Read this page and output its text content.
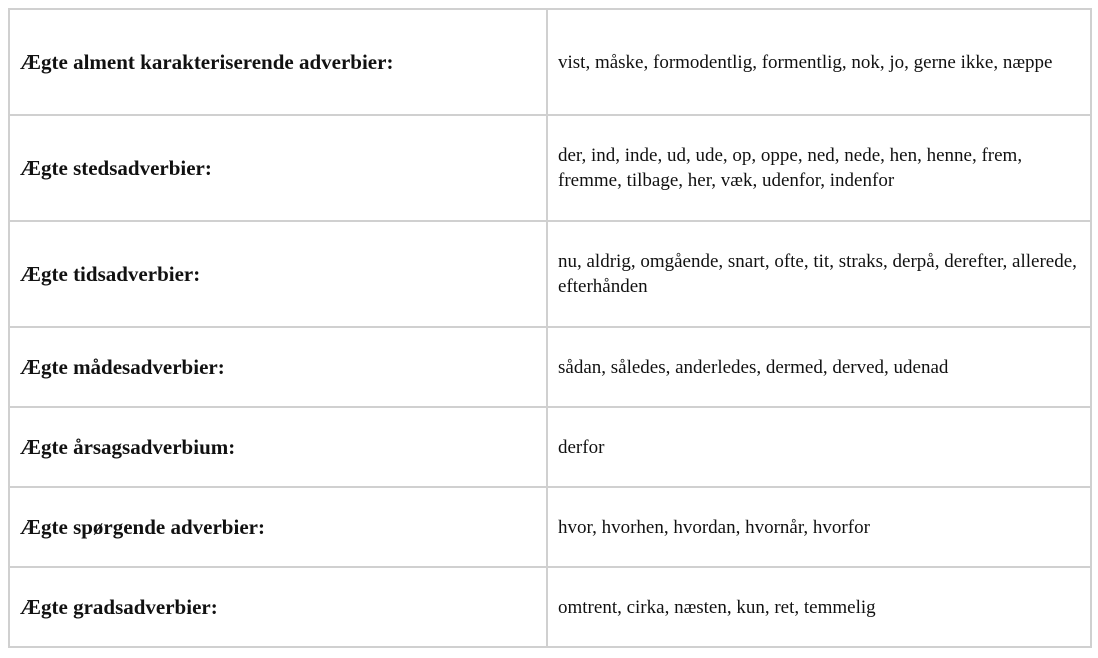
Ægte alment karakteriserende adverbier:	vist, måske, formodentlig, formentlig, nok, jo, gerne ikke, næppe
Ægte stedsadverbier:	der, ind, inde, ud, ude, op, oppe, ned, nede, hen, henne, frem, fremme, tilbage, her, væk, udenfor, indenfor
Ægte tidsadverbier:	nu, aldrig, omgående, snart, ofte, tit, straks, derpå, derefter, allerede, efterhånden
Ægte mådesadverbier:	sådan, således, anderledes, dermed, derved, udenad
Ægte årsagsadverbium:	derfor
Ægte spørgende adverbier:	hvor, hvorhen, hvordan, hvornår, hvorfor
Ægte gradsadverbier:	omtrent, cirka, næsten, kun, ret, temmelig
